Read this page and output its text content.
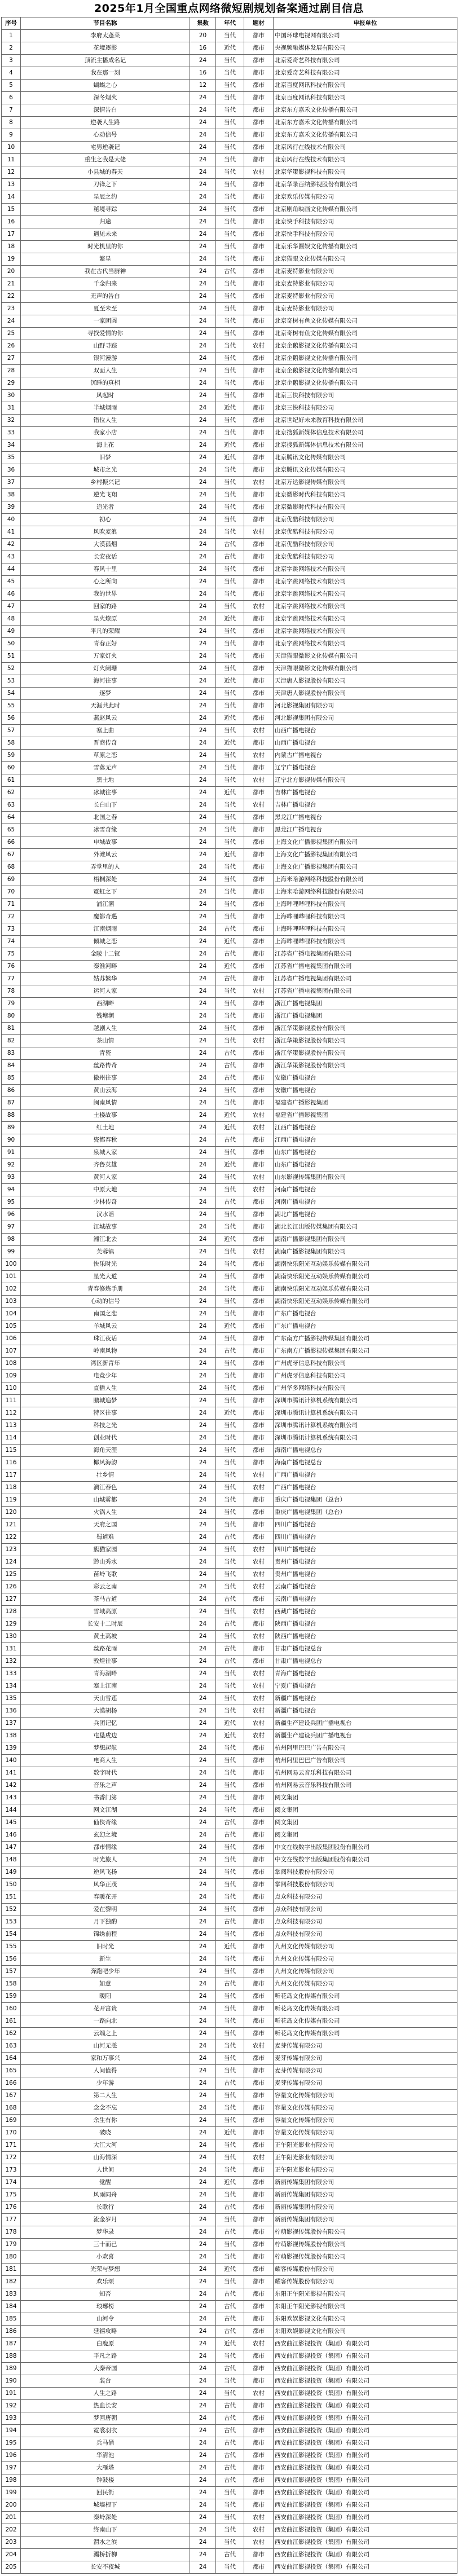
2025年1月全国重点网络微短剧规划备案通过剧目信息
序号	节目名称	集数	年代	题材	申报单位
1	李府太蓬莱	20	当代	都市	中国环球电视网有限公司
2	花境逐影	16	近代	都市	央视频融媒体发展有限公司
3	顶流主播成名记	24	当代	都市	北京爱奇艺科技有限公司
4	我在那一刻	16	当代	都市	北京爱奇艺科技有限公司
5	蝴蝶之心	12	当代	都市	北京百度网讯科技有限公司
6	深冬烟火	24	当代	都市	北京百度网讯科技有限公司
7	深情告白	24	当代	都市	北京东方嘉禾文化传播有限公司
8	逆袭人生路	24	当代	都市	北京东方嘉禾文化传播有限公司
9	心动信号	24	当代	都市	北京东方嘉禾文化传播有限公司
10	宅男逆袭记	24	当代	都市	北京风行在线技术有限公司
11	重生之我是大佬	24	当代	都市	北京风行在线技术有限公司
12	小县城的春天	24	当代	农村	北京华策影视科技有限公司
13	刀锋之下	24	当代	都市	北京华录百纳影视股份有限公司
14	星辰之约	24	当代	都市	北京欢乐传媒有限公司
15	秘境寻踪	24	当代	都市	北京剧角映画文化传媒有限公司
16	归途	24	当代	都市	北京快手科技有限公司
17	遇见未来	24	当代	都市	北京快手科技有限公司
18	时光机里的你	24	当代	都市	北京乐华圆娱文化传播有限公司
19	繁星	24	当代	都市	北京猫眼文化传媒有限公司
20	我在古代当厨神	24	古代	都市	北京麦特影业有限公司
21	千金归来	24	当代	都市	北京麦特影业有限公司
22	无声的告白	24	当代	都市	北京麦特影业有限公司
23	夏至未至	24	当代	都市	北京麦特影业有限公司
24	一家团圆	24	当代	都市	北京奇树有鱼文化传媒有限公司
25	寻找爱情的你	24	当代	都市	北京奇树有鱼文化传媒有限公司
26	山野寻踪	24	当代	农村	北京企鹅影视文化传播有限公司
27	银河漫游	24	当代	都市	北京企鹅影视文化传播有限公司
28	双面人生	24	当代	都市	北京企鹅影视文化传播有限公司
29	沉睡的真相	24	当代	都市	北京企鹅影视文化传播有限公司
30	风起时	24	当代	都市	北京三快科技有限公司
31	半城烟雨	24	近代	都市	北京三快科技有限公司
32	错位人生	24	当代	都市	北京世纪好未来教育科技有限公司
33	我家小店	24	当代	都市	北京搜狐新媒体信息技术有限公司
34	海上花	24	近代	都市	北京搜狐新媒体信息技术有限公司
35	旧梦	24	近代	都市	北京腾讯文化传媒有限公司
36	城市之光	24	当代	都市	北京腾讯文化传媒有限公司
37	乡村振兴记	24	当代	农村	北京万达影视传媒有限公司
38	逆光飞翔	24	当代	都市	北京微影时代科技有限公司
39	追光者	24	当代	都市	北京微影时代科技有限公司
40	初心	24	当代	都市	北京优酷科技有限公司
41	风吹麦浪	24	当代	农村	北京优酷科技有限公司
42	大漠孤烟	24	古代	都市	北京优酷科技有限公司
43	长安夜话	24	古代	都市	北京优酷科技有限公司
44	春风十里	24	当代	都市	北京字跳网络技术有限公司
45	心之所向	24	当代	都市	北京字跳网络技术有限公司
46	我的世界	24	当代	都市	北京字跳网络技术有限公司
47	回家的路	24	当代	农村	北京字跳网络技术有限公司
48	星火燎原	24	近代	都市	北京字跳网络技术有限公司
49	平凡的荣耀	24	当代	都市	北京字跳网络技术有限公司
50	青春正好	24	当代	都市	北京字跳网络技术有限公司
51	万家灯火	24	当代	都市	天津猫眼微影文化传媒有限公司
52	灯火阑珊	24	当代	都市	天津猫眼微影文化传媒有限公司
53	海河往事	24	近代	都市	天津唐人影视股份有限公司
54	逐梦	24	当代	都市	天津唐人影视股份有限公司
55	天涯共此时	24	当代	都市	河北影视集团有限公司
56	燕赵风云	24	近代	都市	河北影视集团有限公司
57	塞上曲	24	当代	农村	山西广播电视台
58	晋商传奇	24	近代	都市	山西广播电视台
59	草原之恋	24	当代	农村	内蒙古广播电视台
60	雪落无声	24	当代	都市	辽宁广播电视台
61	黑土地	24	当代	农村	辽宁北方影视传媒有限公司
62	冰城往事	24	近代	都市	吉林广播电视台
63	长白山下	24	当代	农村	吉林广播电视台
64	北国之春	24	当代	都市	黑龙江广播电视台
65	冰雪奇缘	24	当代	都市	黑龙江广播电视台
66	申城故事	24	当代	都市	上海文化广播影视集团有限公司
67	外滩风云	24	近代	都市	上海文化广播影视集团有限公司
68	弄堂里的人	24	当代	都市	上海文化广播影视集团有限公司
69	梧桐深处	24	当代	都市	上海米哈游网络科技股份有限公司
70	霓虹之下	24	当代	都市	上海米哈游网络科技股份有限公司
71	浦江潮	24	当代	都市	上海哔哩哔哩科技有限公司
72	魔都奇遇	24	当代	都市	上海哔哩哔哩科技有限公司
73	江南烟雨	24	古代	都市	上海哔哩哔哩科技有限公司
74	倾城之恋	24	近代	都市	上海哔哩哔哩科技有限公司
75	金陵十二钗	24	古代	都市	江苏省广播电视集团有限公司
76	秦淮河畔	24	近代	都市	江苏省广播电视集团有限公司
77	姑苏繁华	24	古代	都市	江苏省广播电视集团有限公司
78	运河人家	24	当代	农村	江苏省广播电视集团有限公司
79	西湖畔	24	当代	都市	浙江广播电视集团
80	钱塘潮	24	当代	都市	浙江广播电视集团
81	越剧人生	24	当代	都市	浙江华策影视股份有限公司
82	茶山情	24	当代	农村	浙江华策影视股份有限公司
83	青瓷	24	古代	都市	浙江华策影视股份有限公司
84	丝路传奇	24	古代	都市	浙江华策影视股份有限公司
85	徽州往事	24	古代	都市	安徽广播电视台
86	黄山云海	24	当代	都市	安徽广播电视台
87	闽南风情	24	当代	都市	福建省广播影视集团
88	土楼故事	24	近代	农村	福建省广播影视集团
89	红土地	24	近代	农村	江西广播电视台
90	瓷都春秋	24	古代	都市	江西广播电视台
91	泉城人家	24	当代	都市	山东广播电视台
92	齐鲁英雄	24	近代	都市	山东广播电视台
93	黄河人家	24	当代	农村	山东影视传媒集团有限公司
94	中原大地	24	当代	农村	河南广播电视台
95	少林传奇	24	古代	都市	河南广播电视台
96	汉水谣	24	当代	都市	湖北广播电视台
97	江城故事	24	当代	都市	湖北长江出版传媒集团有限公司
98	湘江北去	24	近代	都市	湖南广播影视集团有限公司
99	芙蓉镇	24	当代	农村	湖南广播影视集团有限公司
100	快乐时光	24	当代	都市	湖南快乐阳光互动娱乐传媒有限公司
101	星光大道	24	当代	都市	湖南快乐阳光互动娱乐传媒有限公司
102	青春修炼手册	24	当代	都市	湖南快乐阳光互动娱乐传媒有限公司
103	心动的信号	24	当代	都市	湖南快乐阳光互动娱乐传媒有限公司
104	南国之恋	24	当代	都市	广东广播电视台
105	羊城风云	24	近代	都市	广东广播电视台
106	珠江夜话	24	当代	都市	广东南方广播影视传媒集团有限公司
107	岭南风物	24	古代	都市	广东南方广播影视传媒集团有限公司
108	湾区新青年	24	当代	都市	广州虎牙信息科技有限公司
109	电竞少年	24	当代	都市	广州虎牙信息科技有限公司
110	直播人生	24	当代	都市	广州华多网络科技有限公司
111	鹏城追梦	24	当代	都市	深圳市腾讯计算机系统有限公司
112	特区往事	24	近代	都市	深圳市腾讯计算机系统有限公司
113	科技之光	24	当代	都市	深圳市腾讯计算机系统有限公司
114	创业时代	24	当代	都市	深圳市腾讯计算机系统有限公司
115	海角天涯	24	当代	都市	海南广播电视总台
116	椰风海韵	24	当代	都市	海南广播电视总台
117	壮乡情	24	当代	农村	广西广播电视台
118	漓江春色	24	当代	农村	广西广播电视台
119	山城雾都	24	当代	都市	重庆广播电视集团（总台）
120	火锅人生	24	当代	都市	重庆广播电视集团（总台）
121	天府之国	24	当代	都市	四川广播电视台
122	蜀道难	24	古代	都市	四川广播电视台
123	熊猫家园	24	当代	农村	四川广播电视台
124	黔山秀水	24	当代	农村	贵州广播电视台
125	苗岭飞歌	24	当代	农村	贵州广播电视台
126	彩云之南	24	当代	农村	云南广播电视台
127	茶马古道	24	古代	都市	云南广播电视台
128	雪域高原	24	当代	农村	西藏广播电视台
129	长安十二时辰	24	古代	都市	陕西广播电视台
130	黄土高坡	24	当代	农村	陕西广播电视台
131	丝路花雨	24	古代	都市	甘肃广播电视总台
132	敦煌往事	24	古代	都市	甘肃广播电视总台
133	青海湖畔	24	当代	农村	青海广播电视台
134	塞上江南	24	当代	农村	宁夏广播电视台
135	天山雪莲	24	当代	农村	新疆广播电视台
136	大漠胡杨	24	当代	农村	新疆广播电视台
137	兵团记忆	24	近代	农村	新疆生产建设兵团广播电视台
138	屯垦戍边	24	近代	农村	新疆生产建设兵团广播电视台
139	梦想起航	24	当代	都市	杭州阿里巴巴广告有限公司
140	电商人生	24	当代	都市	杭州阿里巴巴广告有限公司
141	数字时代	24	当代	都市	杭州网易云音乐科技有限公司
142	音乐之声	24	当代	都市	杭州网易云音乐科技有限公司
143	书香门第	24	当代	都市	阅文集团
144	网文江湖	24	当代	都市	阅文集团
145	仙侠奇缘	24	古代	都市	阅文集团
146	玄幻之境	24	古代	都市	阅文集团
147	都市情缘	24	当代	都市	中文在线数字出版集团股份有限公司
148	时光旅人	24	当代	都市	中文在线数字出版集团股份有限公司
149	逆风飞扬	24	当代	都市	掌阅科技股份有限公司
150	风华正茂	24	当代	都市	掌阅科技股份有限公司
151	春暖花开	24	当代	都市	点众科技有限公司
152	爱在黎明	24	当代	都市	点众科技有限公司
153	月下独酌	24	古代	都市	点众科技有限公司
154	锦绣前程	24	当代	都市	点众科技有限公司
155	旧时光	24	近代	都市	九州文化传媒有限公司
156	新生	24	当代	都市	九州文化传媒有限公司
157	奔跑吧少年	24	当代	都市	九州文化传媒有限公司
158	如意	24	古代	都市	九州文化传媒有限公司
159	暖阳	24	当代	都市	听花岛文化传媒有限公司
160	花开富贵	24	当代	都市	听花岛文化传媒有限公司
161	一路向北	24	当代	都市	听花岛文化传媒有限公司
162	云端之上	24	当代	都市	听花岛文化传媒有限公司
163	山河无恙	24	当代	农村	麦芽传媒有限公司
164	家和万事兴	24	当代	都市	麦芽传媒有限公司
165	人间值得	24	当代	都市	麦芽传媒有限公司
166	少年游	24	古代	都市	麦芽传媒有限公司
167	第二人生	24	当代	都市	容量文化传媒有限公司
168	念念不忘	24	当代	都市	容量文化传媒有限公司
169	余生有你	24	当代	都市	容量文化传媒有限公司
170	破晓	24	近代	都市	容量文化传媒有限公司
171	大江大河	24	当代	都市	正午阳光影业有限公司
172	山海情深	24	当代	农村	正午阳光影业有限公司
173	人世间	24	当代	都市	正午阳光影业有限公司
174	觉醒	24	近代	都市	新丽传媒集团有限公司
175	风雨同舟	24	当代	都市	新丽传媒集团有限公司
176	长歌行	24	古代	都市	新丽传媒集团有限公司
177	流金岁月	24	当代	都市	新丽传媒集团有限公司
178	梦华录	24	古代	都市	柠萌影视传媒股份有限公司
179	三十而已	24	当代	都市	柠萌影视传媒股份有限公司
180	小欢喜	24	当代	都市	柠萌影视传媒股份有限公司
181	光荣与梦想	24	近代	都市	耀客传媒股份有限公司
182	欢乐颂	24	当代	都市	耀客传媒股份有限公司
183	知否	24	古代	都市	东阳正午阳光影视有限公司
184	琅琊榜	24	古代	都市	东阳正午阳光影视有限公司
185	山河令	24	古代	都市	东阳欢娱影视文化有限公司
186	延禧攻略	24	古代	都市	东阳欢娱影视文化有限公司
187	白鹿原	24	近代	农村	西安曲江影视投资（集团）有限公司
188	平凡之路	24	当代	都市	西安曲江影视投资（集团）有限公司
189	大秦帝国	24	古代	都市	西安曲江影视投资（集团）有限公司
190	装台	24	当代	都市	西安曲江影视投资（集团）有限公司
191	人生之路	24	当代	农村	西安曲江影视投资（集团）有限公司
192	热血长安	24	古代	都市	西安曲江影视投资（集团）有限公司
193	梦回唐朝	24	古代	都市	西安曲江影视投资（集团）有限公司
194	霓裳羽衣	24	古代	都市	西安曲江影视投资（集团）有限公司
195	兵马俑	24	古代	都市	西安曲江影视投资（集团）有限公司
196	华清池	24	古代	都市	西安曲江影视投资（集团）有限公司
197	大雁塔	24	古代	都市	西安曲江影视投资（集团）有限公司
198	钟鼓楼	24	古代	都市	西安曲江影视投资（集团）有限公司
199	回民街	24	当代	都市	西安曲江影视投资（集团）有限公司
200	城墙根下	24	当代	都市	西安曲江影视投资（集团）有限公司
201	秦岭深处	24	当代	农村	西安曲江影视投资（集团）有限公司
202	终南山下	24	当代	农村	西安曲江影视投资（集团）有限公司
203	渭水之滨	24	当代	农村	西安曲江影视投资（集团）有限公司
204	灞桥折柳	24	古代	都市	西安曲江影视投资（集团）有限公司
205	长安不夜城	24	当代	都市	西安曲江影视投资（集团）有限公司
